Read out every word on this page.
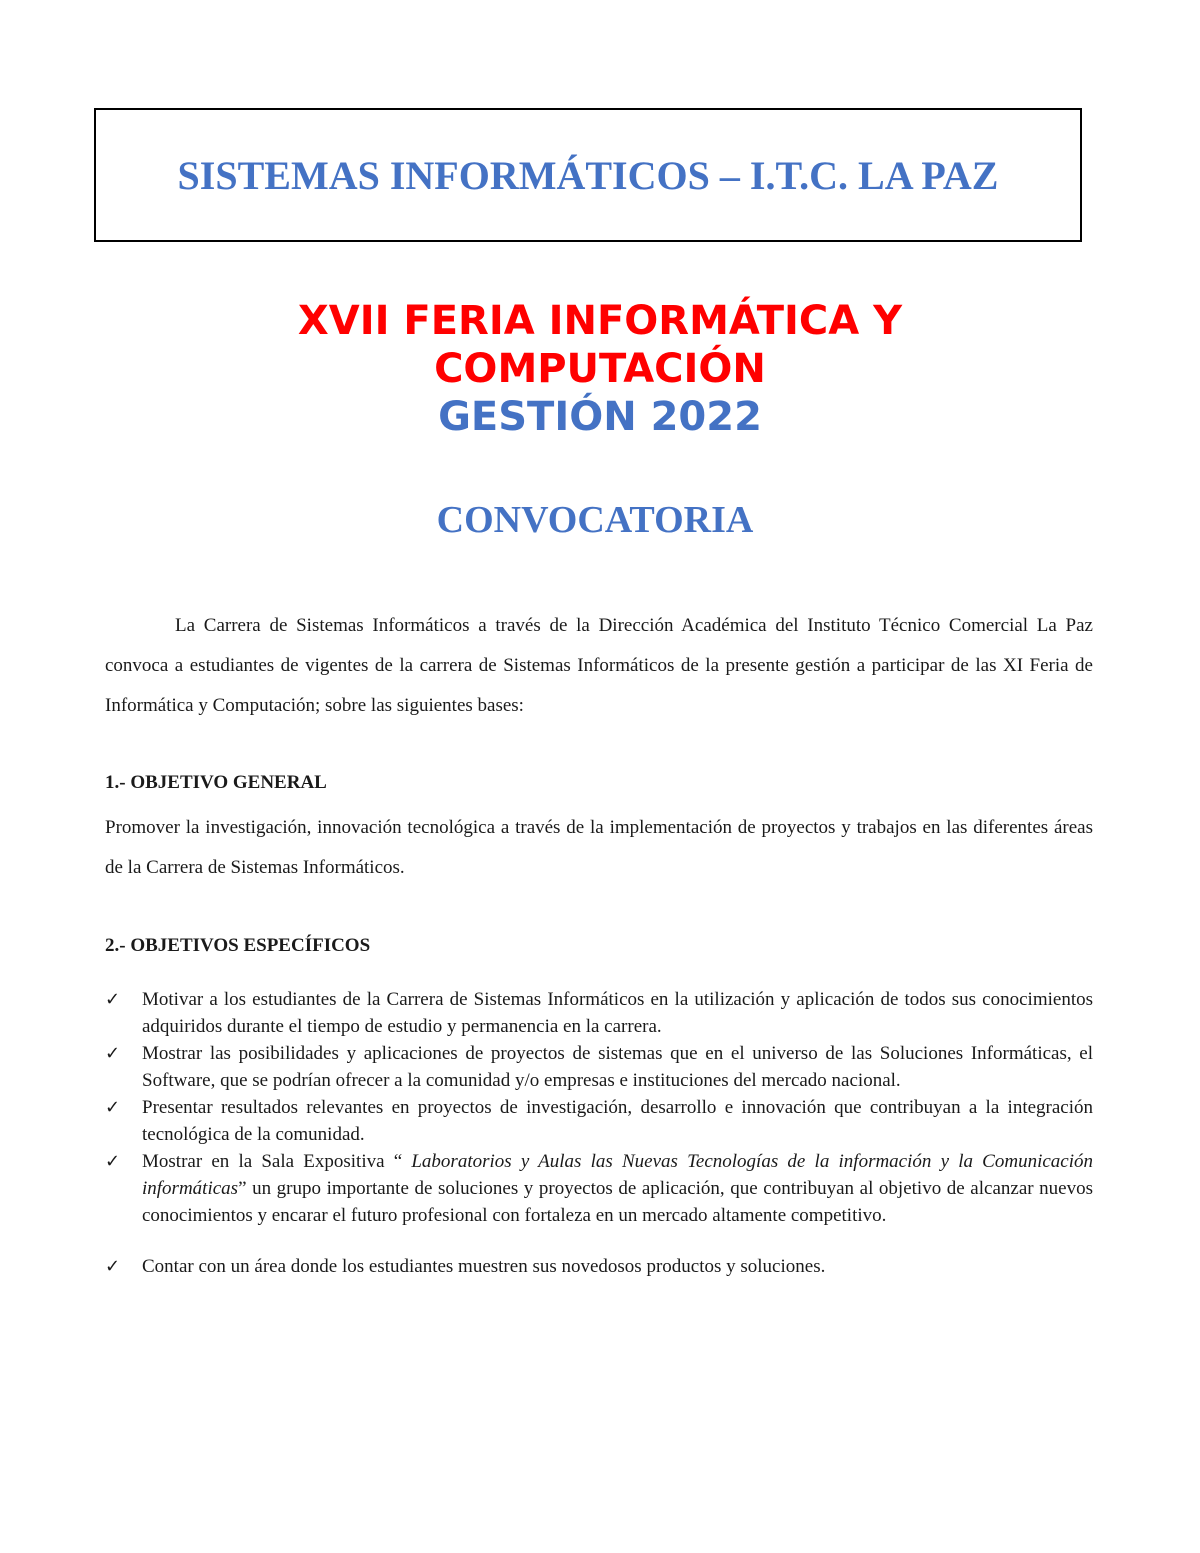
SISTEMAS INFORMÁTICOS – I.T.C. LA PAZ
XVII FERIA INFORMÁTICA Y
COMPUTACIÓN
GESTIÓN 2022
CONVOCATORIA

La Carrera de Sistemas Informáticos a través de la Dirección Académica del Instituto Técnico Comercial La Paz convoca a estudiantes de vigentes de la carrera de Sistemas Informáticos de la presente gestión a participar de las XI Feria de Informática y Computación; sobre las siguientes bases:

1.- OBJETIVO GENERAL

Promover la investigación, innovación tecnológica a través de la implementación de proyectos y trabajos en las diferentes áreas de la Carrera de Sistemas Informáticos.

2.- OBJETIVOS ESPECÍFICOS
✓ Motivar a los estudiantes de la Carrera de Sistemas Informáticos en la utilización y aplicación de todos sus conocimientos adquiridos durante el tiempo de estudio y permanencia en la carrera.
✓ Mostrar las posibilidades y aplicaciones de proyectos de sistemas que en el universo de las Soluciones Informáticas, el Software, que se podrían ofrecer a la comunidad y/o empresas e instituciones del mercado nacional.
✓ Presentar resultados relevantes en proyectos de investigación, desarrollo e innovación que contribuyan a la integración tecnológica de la comunidad.
✓ Mostrar en la Sala Expositiva “ Laboratorios y Aulas las Nuevas Tecnologías de la información y la Comunicación informáticas” un grupo importante de soluciones y proyectos de aplicación, que contribuyan al objetivo de alcanzar nuevos conocimientos y encarar el futuro profesional con fortaleza en un mercado altamente competitivo.
✓ Contar con un área donde los estudiantes muestren sus novedosos productos y soluciones.
